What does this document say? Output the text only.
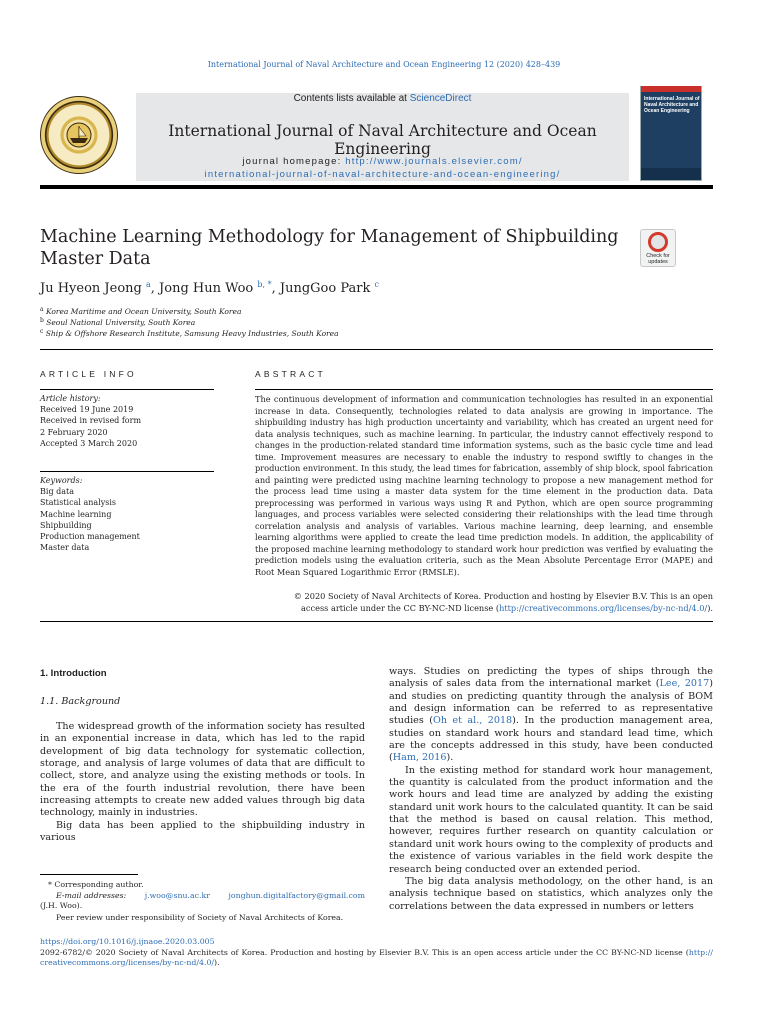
International Journal of Naval Architecture and Ocean Engineering 12 (2020) 428–439
Contents lists available at ScienceDirect
International Journal of Naval Architecture and Ocean Engineering
journal homepage: http://www.journals.elsevier.com/
international-journal-of-naval-architecture-and-ocean-engineering/
International Journal of Naval Architecture and Ocean Engineering
Machine Learning Methodology for Management of Shipbuilding
Master Data	Check for updates
Ju Hyeon Jeong $^a$, Jong Hun Woo $^{b, *}$, JungGoo Park $^c$
$^a$ Korea Maritime and Ocean University, South Korea
$^b$ Seoul National University, South Korea
$^c$ Ship & Offshore Research Institute, Samsung Heavy Industries, South Korea
ARTICLE INFO
Article history:
Received 19 June 2019
Received in revised form
2 February 2020
Accepted 3 March 2020
Keywords:
Big data
Statistical analysis
Machine learning
Shipbuilding
Production management
Master data
ABSTRACT
The continuous development of information and communication technologies has resulted in an exponential increase in data. Consequently, technologies related to data analysis are growing in importance. The shipbuilding industry has high production uncertainty and variability, which has created an urgent need for data analysis techniques, such as machine learning. In particular, the industry cannot effectively respond to changes in the production-related standard time information systems, such as the basic cycle time and lead time. Improvement measures are necessary to enable the industry to respond swiftly to changes in the production environment. In this study, the lead times for fabrication, assembly of ship block, spool fabrication and painting were predicted using machine learning technology to propose a new management method for the process lead time using a master data system for the time element in the production data. Data preprocessing was performed in various ways using R and Python, which are open source programming languages, and process variables were selected considering their relationships with the lead time through correlation analysis and analysis of variables. Various machine learning, deep learning, and ensemble learning algorithms were applied to create the lead time prediction models. In addition, the applicability of the proposed machine learning methodology to standard work hour prediction was verified by evaluating the prediction models using the evaluation criteria, such as the Mean Absolute Percentage Error (MAPE) and Root Mean Squared Logarithmic Error (RMSLE).
© 2020 Society of Naval Architects of Korea. Production and hosting by Elsevier B.V. This is an open
access article under the CC BY-NC-ND license (http://creativecommons.org/licenses/by-nc-nd/4.0/).
1. Introduction
1.1. Background

The widespread growth of the information society has resulted in an exponential increase in data, which has led to the rapid development of big data technology for systematic collection, storage, and analysis of large volumes of data that are difficult to collect, store, and analyze using the existing methods or tools. In the era of the fourth industrial revolution, there have been increasing attempts to create new added values through big data technology, mainly in industries.

Big data has been applied to the shipbuilding industry in various

ways. Studies on predicting the types of ships through the analysis of sales data from the international market (Lee, 2017) and studies on predicting quantity through the analysis of BOM and design information can be referred to as representative studies (Oh et al., 2018). In the production management area, studies on standard work hours and standard lead time, which are the concepts addressed in this study, have been conducted (Ham, 2016).

In the existing method for standard work hour management, the quantity is calculated from the product information and the work hours and lead time are analyzed by adding the existing standard unit work hours to the calculated quantity. It can be said that the method is based on causal relation. This method, however, requires further research on quantity calculation or standard unit work hours owing to the complexity of products and the existence of various variables in the field work despite the research being conducted over an extended period.

The big data analysis methodology, on the other hand, is an analysis technique based on statistics, which analyzes only the correlations between the data expressed in numbers or letters

* Corresponding author.
E-mail addresses: j.woo@snu.ac.kr jonghun.digitalfactory@gmail.com
(J.H. Woo).
Peer review under responsibility of Society of Naval Architects of Korea.
https://doi.org/10.1016/j.ijnaoe.2020.03.005
2092-6782/© 2020 Society of Naval Architects of Korea. Production and hosting by Elsevier B.V. This is an open access article under the CC BY-NC-ND license (http://
creativecommons.org/licenses/by-nc-nd/4.0/).
